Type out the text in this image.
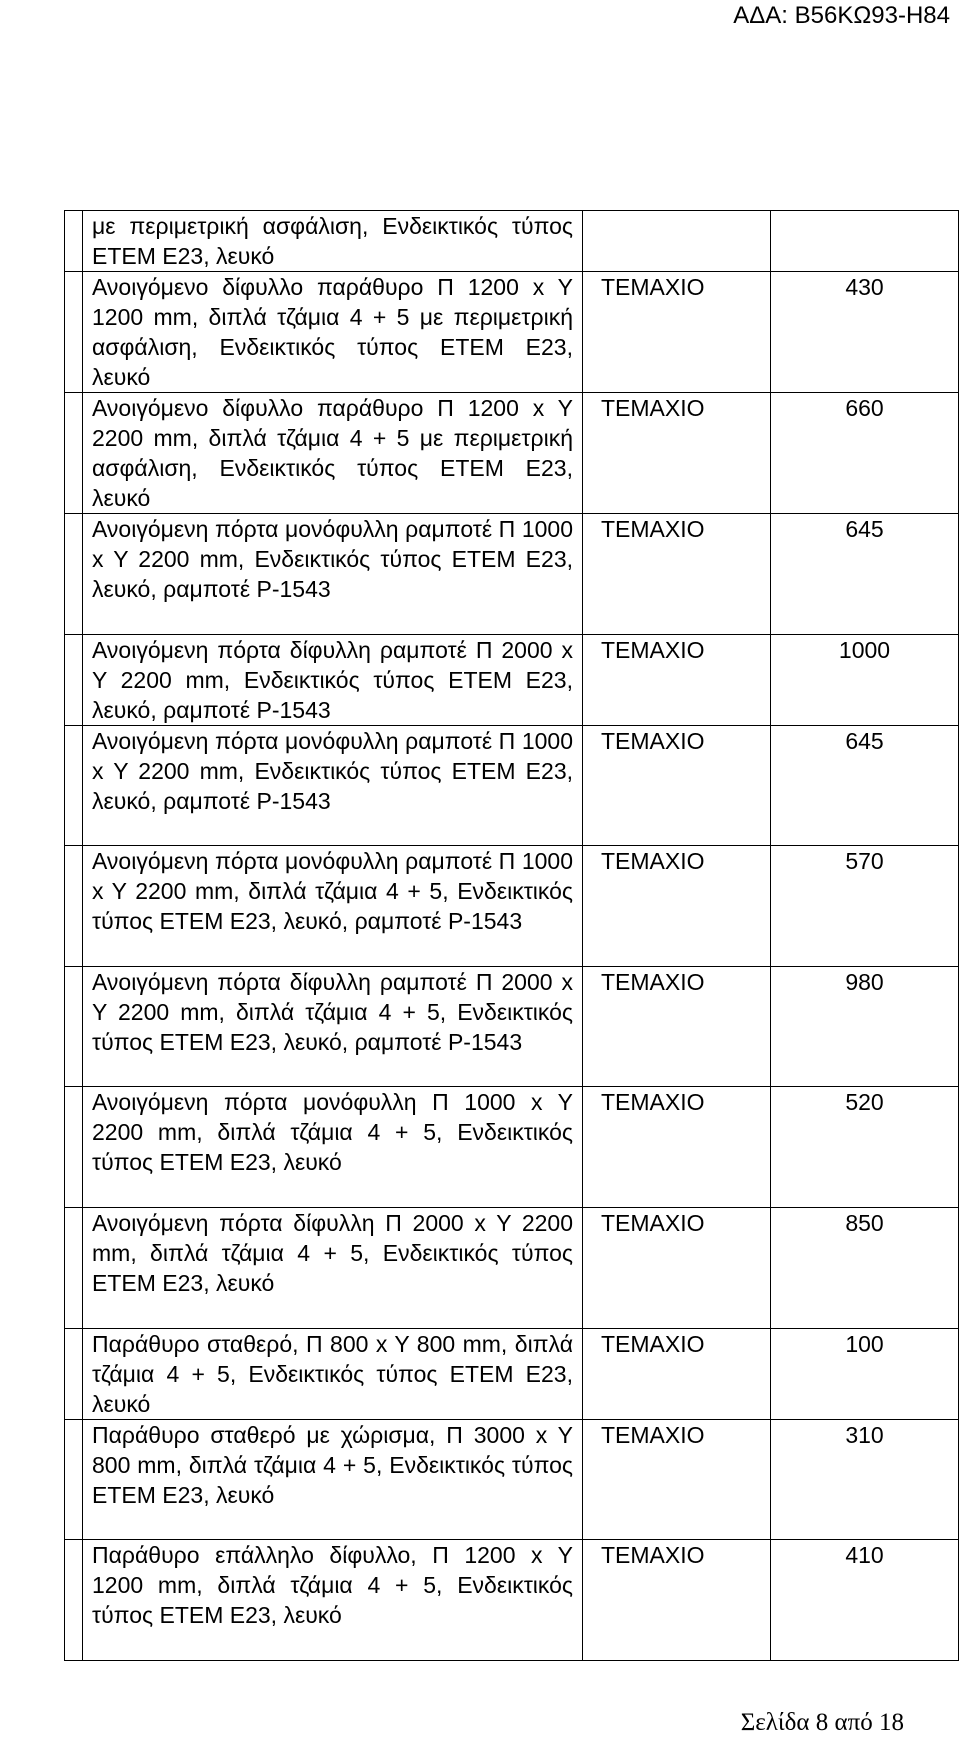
ΑΔΑ: Β56ΚΩ93-Η84
	με περιμετρική ασφάλιση, Ενδεικτικός τύπος ΕΤΕΜ Ε23, λευκό		
	Ανοιγόμενο δίφυλλο παράθυρο Π 1200 x Y 1200 mm, διπλά τζάμια 4 + 5 με περιμετρική ασφάλιση, Ενδεικτικός τύπος ΕΤΕΜ Ε23, λευκό	ΤΕΜΑΧΙΟ	430
	Ανοιγόμενο δίφυλλο παράθυρο Π 1200 x Y 2200 mm, διπλά τζάμια 4 + 5 με περιμετρική ασφάλιση, Ενδεικτικός τύπος ΕΤΕΜ Ε23, λευκό	ΤΕΜΑΧΙΟ	660
	Ανοιγόμενη πόρτα μονόφυλλη ραμποτέ Π 1000 x Y 2200 mm, Ενδεικτικός τύπος ΕΤΕΜ Ε23, λευκό, ραμποτέ Ρ-1543	ΤΕΜΑΧΙΟ	645
	Ανοιγόμενη πόρτα δίφυλλη ραμποτέ Π 2000 x Y 2200 mm, Ενδεικτικός τύπος ΕΤΕΜ Ε23, λευκό, ραμποτέ Ρ-1543	ΤΕΜΑΧΙΟ	1000
	Ανοιγόμενη πόρτα μονόφυλλη ραμποτέ Π 1000 x Y 2200 mm, Ενδεικτικός τύπος ΕΤΕΜ Ε23, λευκό, ραμποτέ Ρ-1543	ΤΕΜΑΧΙΟ	645
	Ανοιγόμενη πόρτα μονόφυλλη ραμποτέ Π 1000 x Y 2200 mm, διπλά τζάμια 4 + 5, Ενδεικτικός τύπος ΕΤΕΜ Ε23, λευκό, ραμποτέ Ρ-1543	ΤΕΜΑΧΙΟ	570
	Ανοιγόμενη πόρτα δίφυλλη ραμποτέ Π 2000 x Y 2200 mm, διπλά τζάμια 4 + 5, Ενδεικτικός τύπος ΕΤΕΜ Ε23, λευκό, ραμποτέ Ρ-1543	ΤΕΜΑΧΙΟ	980
	Ανοιγόμενη πόρτα μονόφυλλη Π 1000 x Y 2200 mm, διπλά τζάμια 4 + 5, Ενδεικτικός τύπος ΕΤΕΜ Ε23, λευκό	ΤΕΜΑΧΙΟ	520
	Ανοιγόμενη πόρτα δίφυλλη Π 2000 x Y 2200 mm, διπλά τζάμια 4 + 5, Ενδεικτικός τύπος ΕΤΕΜ Ε23, λευκό	ΤΕΜΑΧΙΟ	850
	Παράθυρο σταθερό, Π 800 x Y 800 mm, διπλά τζάμια 4 + 5, Ενδεικτικός τύπος ΕΤΕΜ Ε23, λευκό	ΤΕΜΑΧΙΟ	100
	Παράθυρο σταθερό με χώρισμα, Π 3000 x Y 800 mm, διπλά τζάμια 4 + 5, Ενδεικτικός τύπος ΕΤΕΜ Ε23, λευκό	ΤΕΜΑΧΙΟ	310
	Παράθυρο επάλληλο δίφυλλο, Π 1200 x Y 1200 mm, διπλά τζάμια 4 + 5, Ενδεικτικός τύπος ΕΤΕΜ Ε23, λευκό	ΤΕΜΑΧΙΟ	410
Σελίδα 8 από 18
